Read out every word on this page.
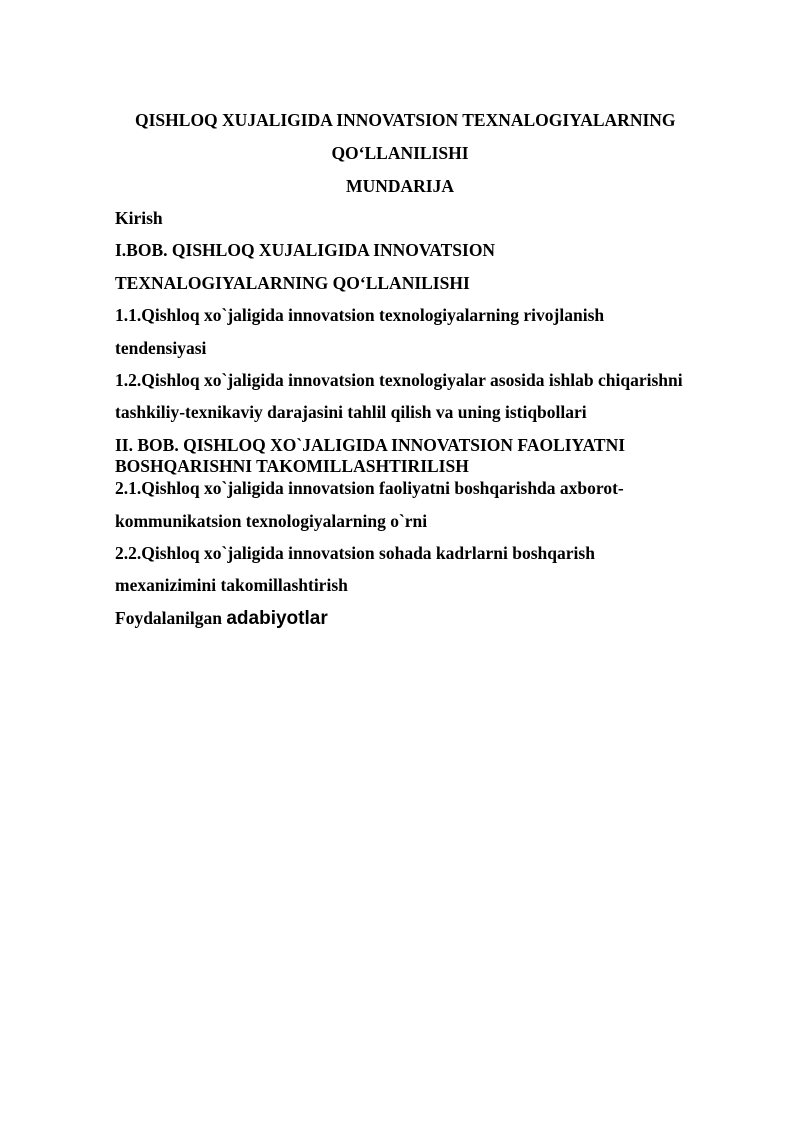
QISHLOQ XUJALIGIDA INNOVATSION TEXNALOGIYALARNING
QO‘LLANILISHI
MUNDARIJA
Kirish
I.BOB. QISHLOQ XUJALIGIDA INNOVATSION
TEXNALOGIYALARNING QO‘LLANILISHI
1.1.Qishloq xo`jaligida innovatsion texnologiyalarning rivojlanish
tendensiyasi
1.2.Qishloq xo`jaligida innovatsion texnologiyalar asosida ishlab chiqarishni
tashkiliy-texnikaviy darajasini tahlil qilish va uning istiqbollari
II. BOB. QISHLOQ XO`JALIGIDA INNOVATSION FAOLIYATNI
BOSHQARISHNI TAKOMILLASHTIRILISH
2.1.Qishloq xo`jaligida innovatsion faoliyatni boshqarishda axborot-
kommunikatsion texnologiyalarning o`rni
2.2.Qishloq xo`jaligida innovatsion sohada kadrlarni boshqarish
mexanizimini takomillashtirish
Foydalanilgan adabiyotlar
